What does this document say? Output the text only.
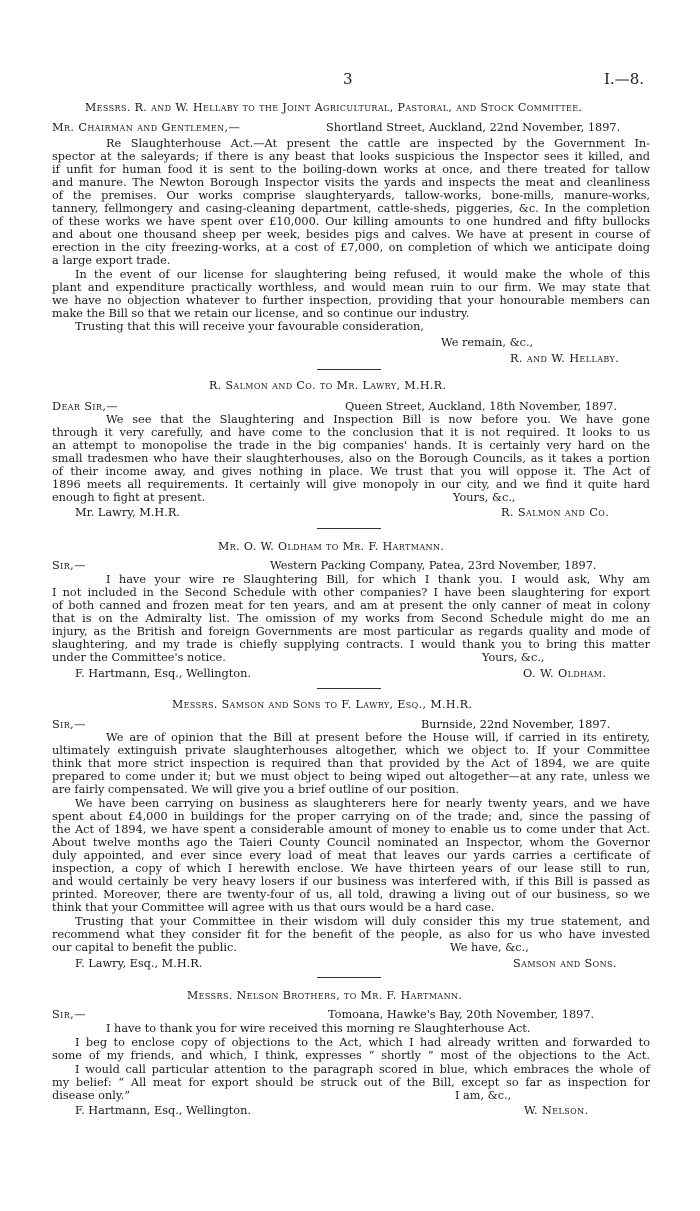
3	I.—8.
Messrs. R. and W. Hellaby to the Joint Agricultural, Pastoral, and Stock Committee.
Mr. Chairman and Gentlemen,—	Shortland Street, Auckland, 22nd November, 1897.
Re Slaughterhouse Act.—At present the cattle are inspected by the Government In-
spector at the saleyards; if there is any beast that looks suspicious the Inspector sees it killed, and
if unfit for human food it is sent to the boiling-down works at once, and there treated for tallow
and manure. The Newton Borough Inspector visits the yards and inspects the meat and cleanliness
of the premises. Our works comprise slaughteryards, tallow-works, bone-mills, manure-works,
tannery, fellmongery and casing-cleaning department, cattle-sheds, piggeries, &c. In the completion
of these works we have spent over £10,000. Our killing amounts to one hundred and fifty bullocks
and about one thousand sheep per week, besides pigs and calves. We have at present in course of
erection in the city freezing-works, at a cost of £7,000, on completion of which we anticipate doing
a large export trade.
In the event of our license for slaughtering being refused, it would make the whole of this
plant and expenditure practically worthless, and would mean ruin to our firm. We may state that
we have no objection whatever to further inspection, providing that your honourable members can
make the Bill so that we retain our license, and so continue our industry.
Trusting that this will receive your favourable consideration,
We remain, &c.,
R. and W. Hellaby.
R. Salmon and Co. to Mr. Lawry, M.H.R.
Dear Sir,—	Queen Street, Auckland, 18th November, 1897.
We see that the Slaughtering and Inspection Bill is now before you. We have gone
through it very carefully, and have come to the conclusion that it is not required. It looks to us
an attempt to monopolise the trade in the big companies' hands. It is certainly very hard on the
small tradesmen who have their slaughterhouses, also on the Borough Councils, as it takes a portion
of their income away, and gives nothing in place. We trust that you will oppose it. The Act of
1896 meets all requirements. It certainly will give monopoly in our city, and we find it quite hard
enough to fight at present.	Yours, &c.,
Mr. Lawry, M.H.R.	R. Salmon and Co.
Mr. O. W. Oldham to Mr. F. Hartmann.
Sir,—	Western Packing Company, Patea, 23rd November, 1897.
I have your wire re Slaughtering Bill, for which I thank you. I would ask, Why am
I not included in the Second Schedule with other companies? I have been slaughtering for export
of both canned and frozen meat for ten years, and am at present the only canner of meat in colony
that is on the Admiralty list. The omission of my works from Second Schedule might do me an
injury, as the British and foreign Governments are most particular as regards quality and mode of
slaughtering, and my trade is chiefly supplying contracts. I would thank you to bring this matter
under the Committee's notice.	Yours, &c.,
F. Hartmann, Esq., Wellington.	O. W. Oldham.
Messrs. Samson and Sons to F. Lawry, Esq., M.H.R.
Sir,—	Burnside, 22nd November, 1897.
We are of opinion that the Bill at present before the House will, if carried in its entirety,
ultimately extinguish private slaughterhouses altogether, which we object to. If your Committee
think that more strict inspection is required than that provided by the Act of 1894, we are quite
prepared to come under it; but we must object to being wiped out altogether—at any rate, unless we
are fairly compensated. We will give you a brief outline of our position.
We have been carrying on business as slaughterers here for nearly twenty years, and we have
spent about £4,000 in buildings for the proper carrying on of the trade; and, since the passing of
the Act of 1894, we have spent a considerable amount of money to enable us to come under that Act.
About twelve months ago the Taieri County Council nominated an Inspector, whom the Governor
duly appointed, and ever since every load of meat that leaves our yards carries a certificate of
inspection, a copy of which I herewith enclose. We have thirteen years of our lease still to run,
and would certainly be very heavy losers if our business was interfered with, if this Bill is passed as
printed. Moreover, there are twenty-four of us, all told, drawing a living out of our business, so we
think that your Committee will agree with us that ours would be a hard case.
Trusting that your Committee in their wisdom will duly consider this my true statement, and
recommend what they consider fit for the benefit of the people, as also for us who have invested
our capital to benefit the public.	We have, &c.,
F. Lawry, Esq., M.H.R.	Samson and Sons.
Messrs. Nelson Brothers, to Mr. F. Hartmann.
Sir,—	Tomoana, Hawke's Bay, 20th November, 1897.
I have to thank you for wire received this morning re Slaughterhouse Act.
I beg to enclose copy of objections to the Act, which I had already written and forwarded to
some of my friends, and which, I think, expresses “ shortly ” most of the objections to the Act.
I would call particular attention to the paragraph scored in blue, which embraces the whole of
my belief: “ All meat for export should be struck out of the Bill, except so far as inspection for
disease only.”	I am, &c.,
F. Hartmann, Esq., Wellington.	W. Nelson.
